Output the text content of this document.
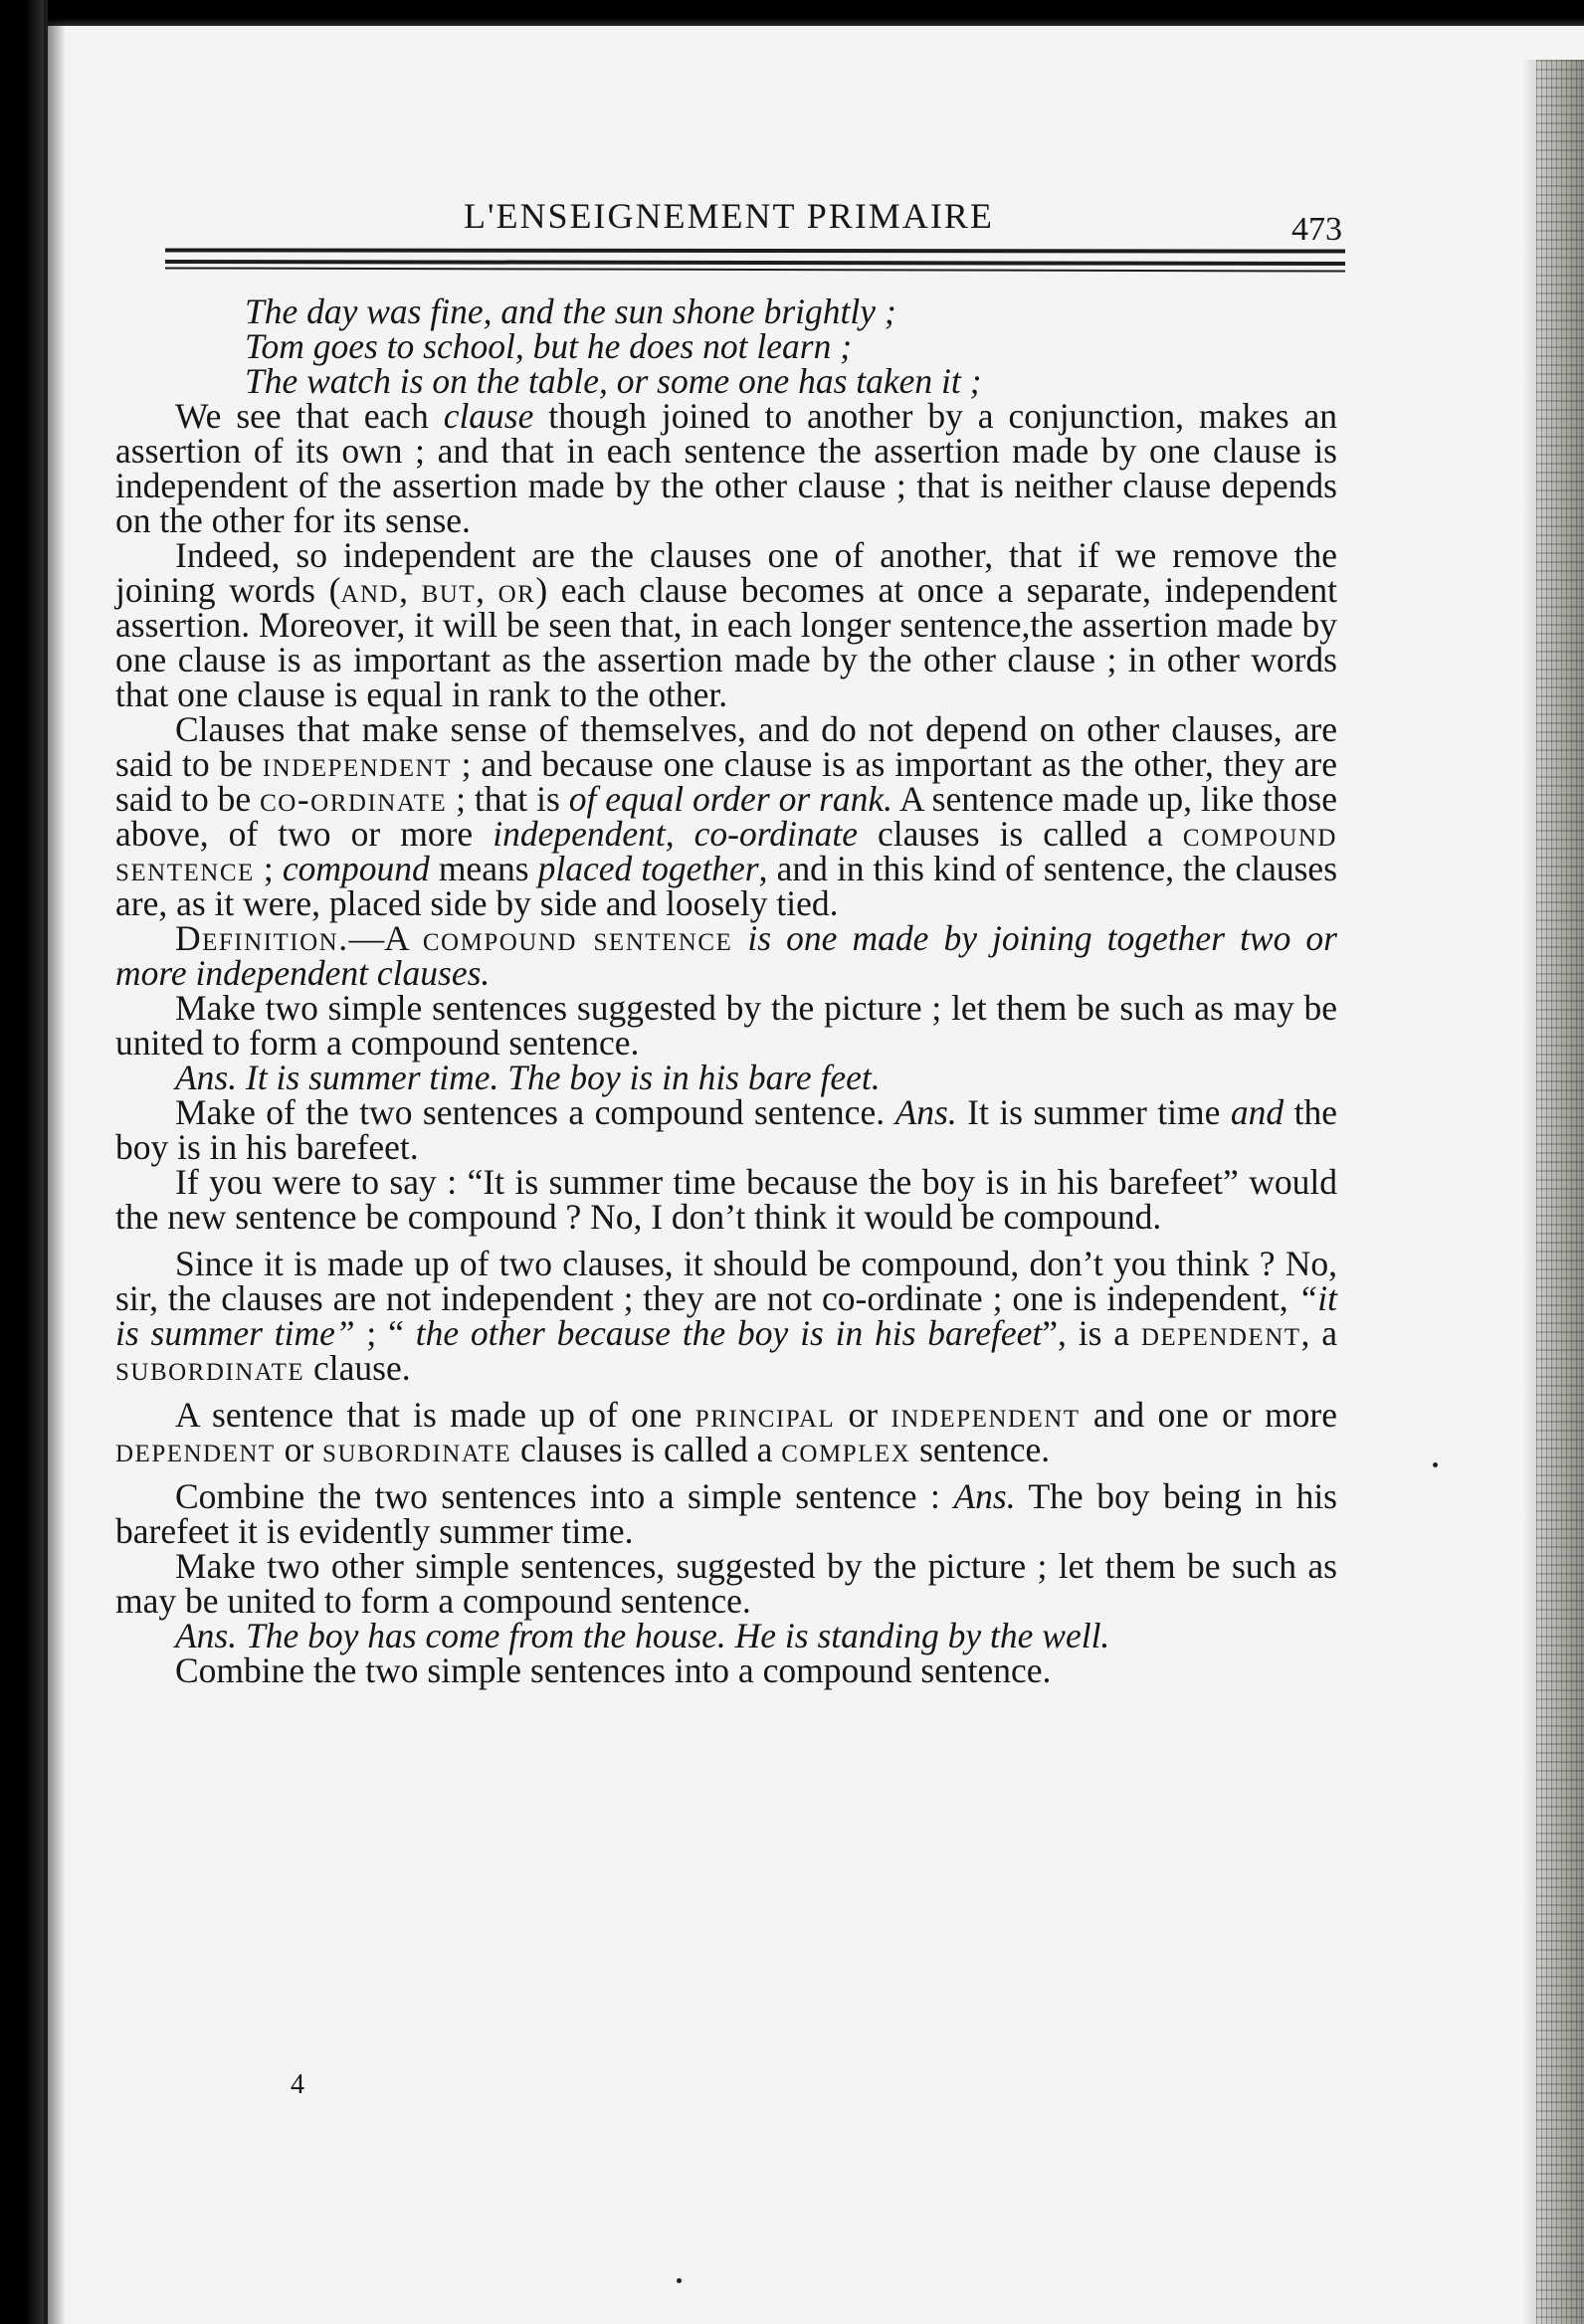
L'ENSEIGNEMENT PRIMAIRE	473

The day was fine, and the sun shone brightly ;

Tom goes to school, but he does not learn ;

The watch is on the table, or some one has taken it ;

We see that each clause though joined to another by a conjunction, makes an assertion of its own ; and that in each sentence the assertion made by one clause is independent of the assertion made by the other clause ; that is neither clause depends on the other for its sense.

Indeed, so independent are the clauses one of another, that if we remove the joining words (and, but, or) each clause becomes at once a separate, independent assertion. Moreover, it will be seen that, in each longer sentence,the assertion made by one clause is as important as the assertion made by the other clause ; in other words that one clause is equal in rank to the other.

Clauses that make sense of themselves, and do not depend on other clauses, are said to be independent ; and because one clause is as important as the other, they are said to be co-ordinate ; that is of equal order or rank. A sentence made up, like those above, of two or more independent, co-ordinate clauses is called a compound sentence ; compound means placed together, and in this kind of sentence, the clauses are, as it were, placed side by side and loosely tied.

Definition.—A compound sentence is one made by joining together two or more independent clauses.

Make two simple sentences suggested by the picture ; let them be such as may be united to form a compound sentence.

Ans. It is summer time. The boy is in his bare feet.

Make of the two sentences a compound sentence. Ans. It is summer time and the boy is in his barefeet.

If you were to say : “It is summer time because the boy is in his barefeet” would the new sentence be compound ? No, I don’t think it would be compound.

Since it is made up of two clauses, it should be compound, don’t you think ? No, sir, the clauses are not independent ; they are not co-ordinate ; one is independent, “it is summer time” ; “ the other because the boy is in his barefeet”, is a dependent, a subordinate clause.

A sentence that is made up of one principal or independent and one or more dependent or subordinate clauses is called a complex sentence.

Combine the two sentences into a simple sentence : Ans. The boy being in his barefeet it is evidently summer time.

Make two other simple sentences, suggested by the picture ; let them be such as may be united to form a compound sentence.

Ans. The boy has come from the house. He is standing by the well.

Combine the two simple sentences into a compound sentence.

4
